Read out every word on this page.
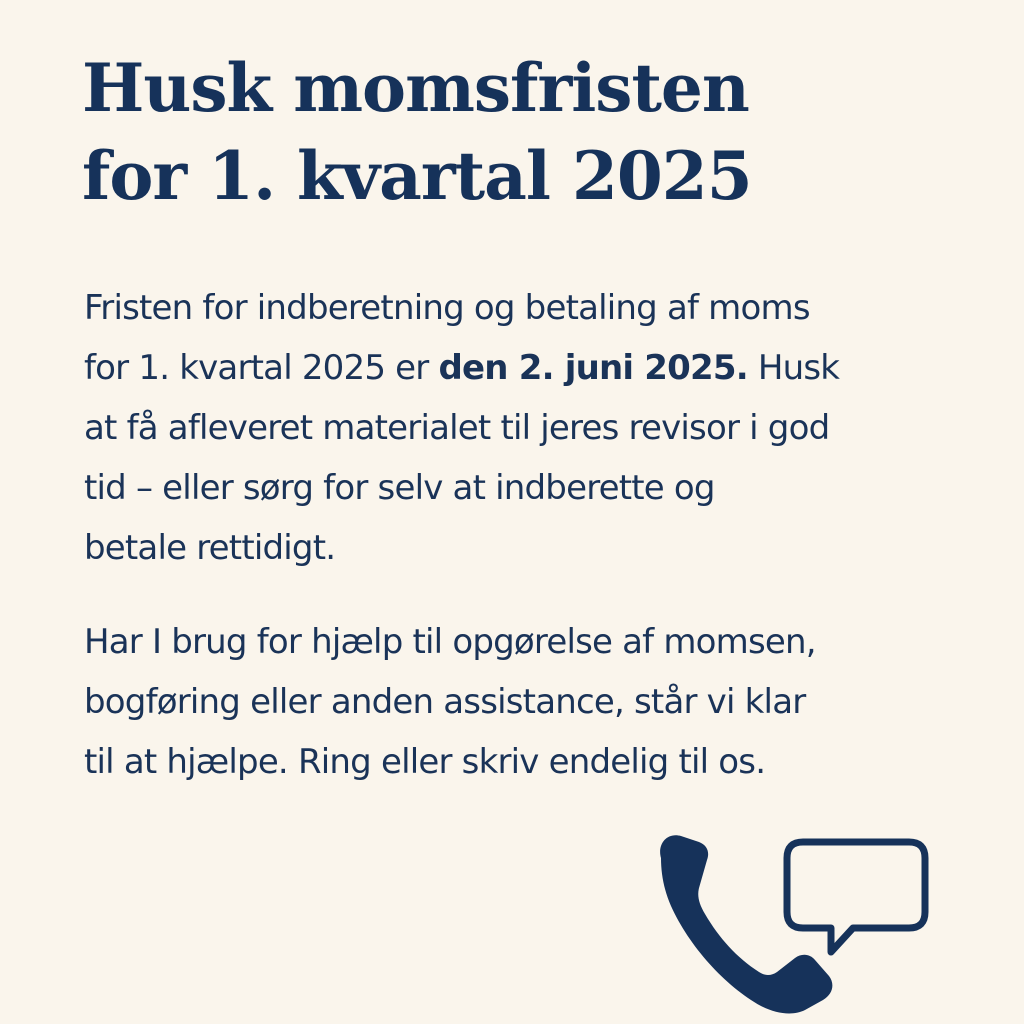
Husk momsfristen
for 1. kvartal 2025

Fristen for indberetning og betaling af moms
for 1. kvartal 2025 er den 2. juni 2025. Husk
at få afleveret materialet til jeres revisor i god
tid – eller sørg for selv at indberette og
betale rettidigt.

Har I brug for hjælp til opgørelse af momsen,
bogføring eller anden assistance, står vi klar
til at hjælpe. Ring eller skriv endelig til os.
